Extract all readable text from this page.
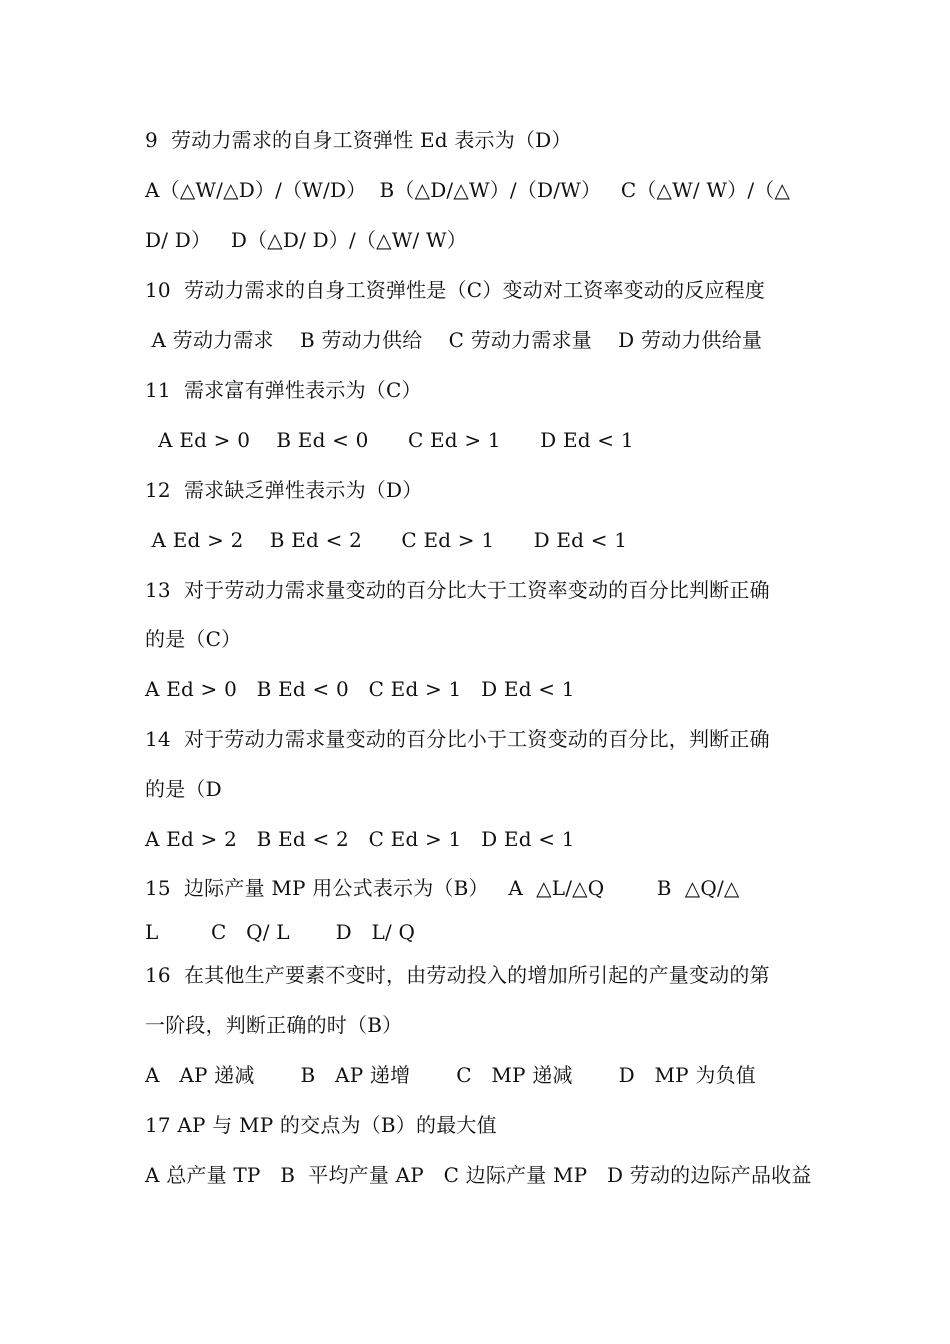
9  劳动力需求的自身工资弹性 Ed 表示为（D）
A（△W/△D）/（W/D）  B（△D/△W）/（D/W）   C（△W/ W）/（△
D/ D）   D（△D/ D）/（△W/ W）
10  劳动力需求的自身工资弹性是（C）变动对工资率变动的反应程度
A 劳动力需求    B 劳动力供给    C 劳动力需求量    D 劳动力供给量
11  需求富有弹性表示为（C）
A Ed > 0    B Ed < 0      C Ed > 1      D Ed < 1
12  需求缺乏弹性表示为（D）
A Ed > 2    B Ed < 2      C Ed > 1      D Ed < 1
13  对于劳动力需求量变动的百分比大于工资率变动的百分比判断正确
的是（C）
A Ed > 0   B Ed < 0   C Ed > 1   D Ed < 1
14  对于劳动力需求量变动的百分比小于工资变动的百分比，判断正确
的是（D
A Ed > 2   B Ed < 2   C Ed > 1   D Ed < 1
15  边际产量 MP 用公式表示为（B）   A  △L/△Q        B  △Q/△
L        C   Q/ L       D   L/ Q
16  在其他生产要素不变时，由劳动投入的增加所引起的产量变动的第
一阶段，判断正确的时（B）
A   AP 递减       B   AP 递增       C   MP 递减       D   MP 为负值
17 AP 与 MP 的交点为（B）的最大值
A 总产量 TP   B  平均产量 AP   C 边际产量 MP   D 劳动的边际产品收益
